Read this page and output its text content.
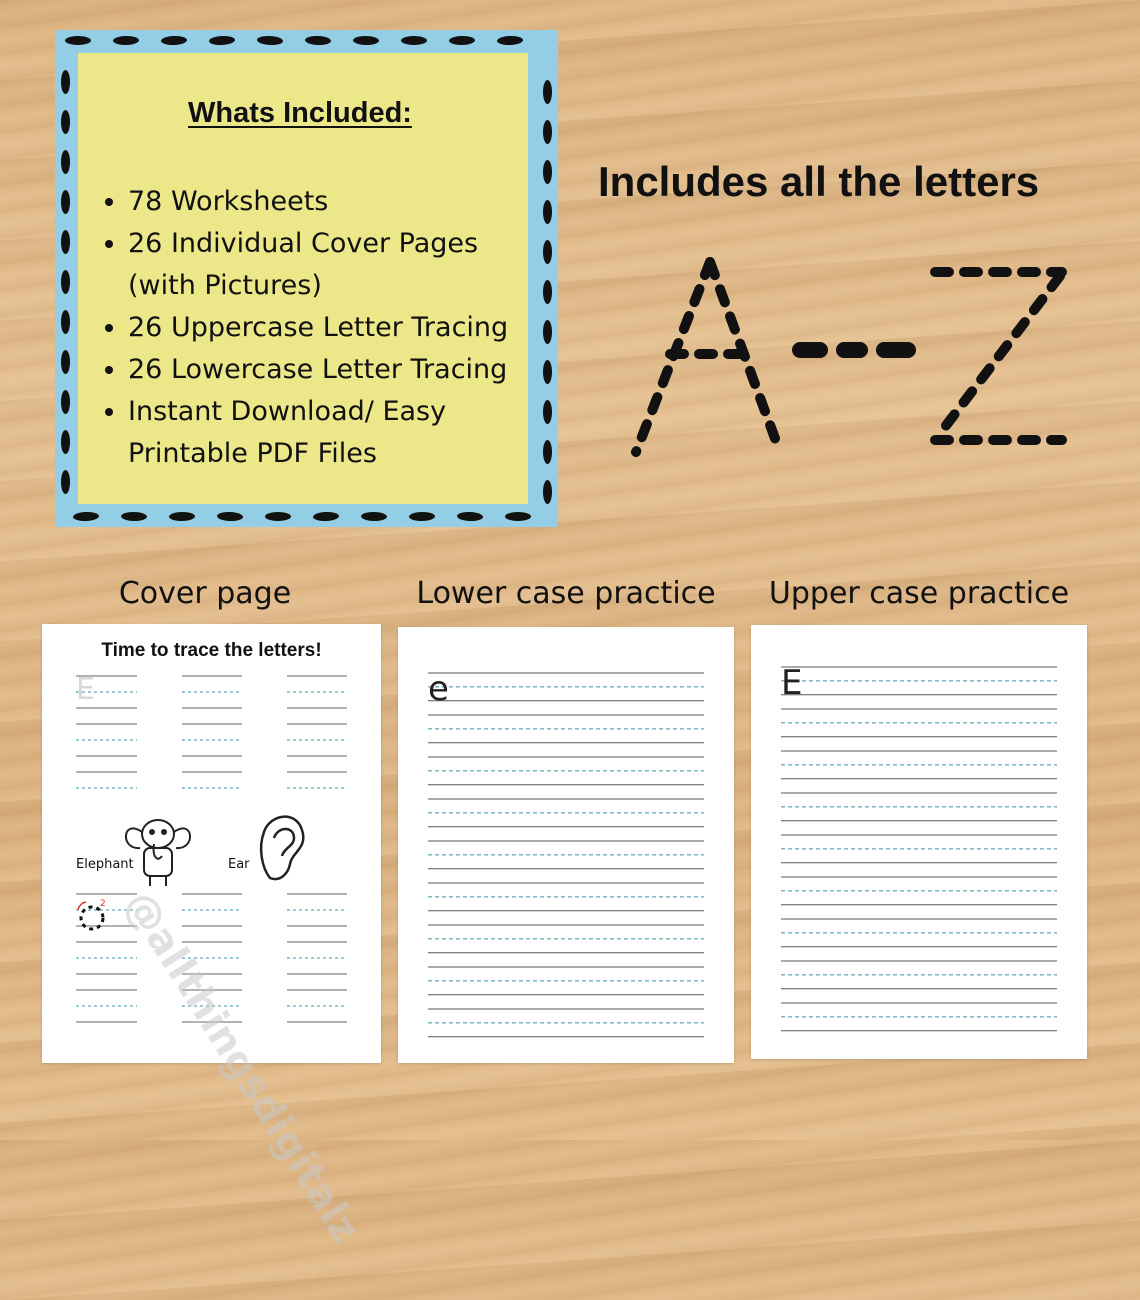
Whats Included:
78 Worksheets
26 Individual Cover Pages (with Pictures)
26 Uppercase Letter Tracing
26 Lowercase Letter Tracing
Instant Download/ Easy Printable PDF Files
Includes all the letters
Cover page	Lower case practice	Upper case practice
Time to trace the letters!
E
Elephant	Ear
2 @allthingsdigitalz
e	E
